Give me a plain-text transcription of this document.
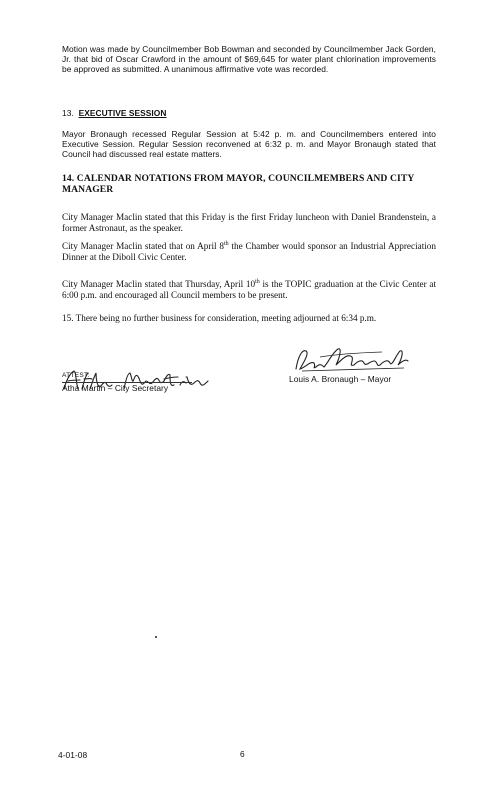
Motion was made by Councilmember Bob Bowman and seconded by Councilmember Jack Gorden, Jr. that bid of Oscar Crawford in the amount of $69,645 for water plant chlorination improvements be approved as submitted. A unanimous affirmative vote was recorded.

13. EXECUTIVE SESSION

Mayor Bronaugh recessed Regular Session at 5:42 p. m. and Councilmembers entered into Executive Session. Regular Session reconvened at 6:32 p. m. and Mayor Bronaugh stated that Council had discussed real estate matters.

14. CALENDAR NOTATIONS FROM MAYOR, COUNCILMEMBERS AND CITY MANAGER

City Manager Maclin stated that this Friday is the first Friday luncheon with Daniel Brandenstein, a former Astronaut, as the speaker.

City Manager Maclin stated that on April 8th the Chamber would sponsor an Industrial Appreciation Dinner at the Diboll Civic Center.

City Manager Maclin stated that Thursday, April 10th is the TOPIC graduation at the Civic Center at 6:00 p.m. and encouraged all Council members to be present.

15. There being no further business for consideration, meeting adjourned at 6:34 p.m.

Louis A. Bronaugh – Mayor
ATTEST:
Atha Martin – City Secretary
4-01-08	6
